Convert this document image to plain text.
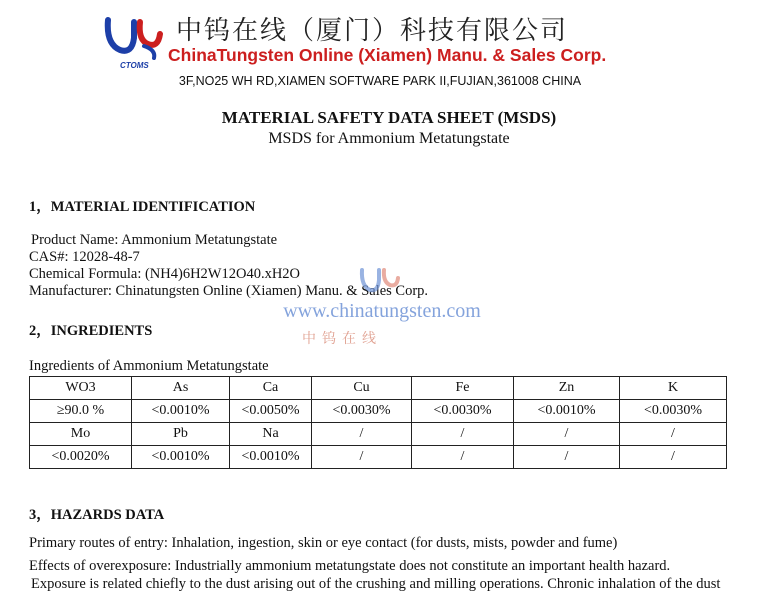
CTOMS
中钨在线（厦门）科技有限公司
ChinaTungsten Online (Xiamen) Manu. & Sales Corp.
3F,NO25 WH RD,XIAMEN SOFTWARE PARK II,FUJIAN,361008 CHINA
MATERIAL SAFETY DATA SHEET (MSDS)
MSDS for Ammonium Metatungstate
1，MATERIAL IDENTIFICATION
Product Name: Ammonium Metatungstate
CAS#: 12028-48-7
Chemical Formula: (NH4)6H2W12O40.xH2O
Manufacturer: Chinatungsten Online (Xiamen) Manu. & Sales Corp.
www.chinatungsten.com
中钨在线
2，INGREDIENTS
Ingredients of Ammonium Metatungstate
WO3	As	Ca	Cu	Fe	Zn	K
≥90.0 %	<0.0010%	<0.0050%	<0.0030%	<0.0030%	<0.0010%	<0.0030%
Mo	Pb	Na	/	/	/	/
<0.0020%	<0.0010%	<0.0010%	/	/	/	/
3，HAZARDS DATA
Primary routes of entry: Inhalation, ingestion, skin or eye contact (for dusts, mists, powder and fume)
Effects of overexposure: Industrially ammonium metatungstate does not constitute an important health hazard.
Exposure is related chiefly to the dust arising out of the crushing and milling operations. Chronic inhalation of the dust
